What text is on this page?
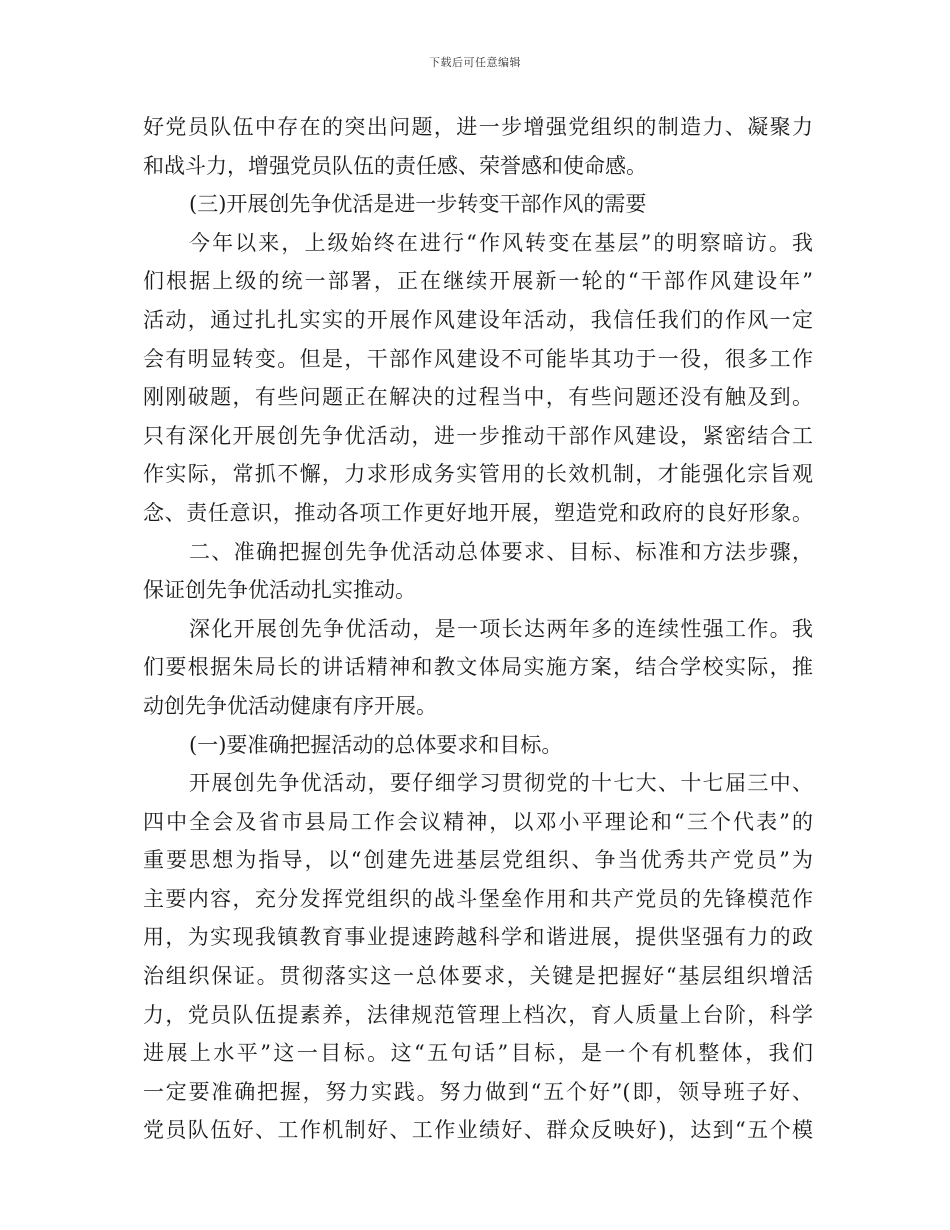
下载后可任意编辑
好党员队伍中存在的突出问题，进一步增强党组织的制造力、凝聚力
和战斗力，增强党员队伍的责任感、荣誉感和使命感。
(三)开展创先争优活是进一步转变干部作风的需要
今年以来，上级始终在进行“作风转变在基层”的明察暗访。我
们根据上级的统一部署，正在继续开展新一轮的“干部作风建设年”
活动，通过扎扎实实的开展作风建设年活动，我信任我们的作风一定
会有明显转变。但是，干部作风建设不可能毕其功于一役，很多工作
刚刚破题，有些问题正在解决的过程当中，有些问题还没有触及到。
只有深化开展创先争优活动，进一步推动干部作风建设，紧密结合工
作实际，常抓不懈，力求形成务实管用的长效机制，才能强化宗旨观
念、责任意识，推动各项工作更好地开展，塑造党和政府的良好形象。
二、准确把握创先争优活动总体要求、目标、标准和方法步骤，
保证创先争优活动扎实推动。
深化开展创先争优活动，是一项长达两年多的连续性强工作。我
们要根据朱局长的讲话精神和教文体局实施方案，结合学校实际，推
动创先争优活动健康有序开展。
(一)要准确把握活动的总体要求和目标。
开展创先争优活动，要仔细学习贯彻党的十七大、十七届三中、
四中全会及省市县局工作会议精神，以邓小平理论和“三个代表”的
重要思想为指导，以“创建先进基层党组织、争当优秀共产党员”为
主要内容，充分发挥党组织的战斗堡垒作用和共产党员的先锋模范作
用，为实现我镇教育事业提速跨越科学和谐进展，提供坚强有力的政
治组织保证。贯彻落实这一总体要求，关键是把握好“基层组织增活
力，党员队伍提素养，法律规范管理上档次，育人质量上台阶，科学
进展上水平”这一目标。这“五句话”目标，是一个有机整体，我们
一定要准确把握，努力实践。努力做到“五个好”(即，领导班子好、
党员队伍好、工作机制好、工作业绩好、群众反映好)，达到“五个模
